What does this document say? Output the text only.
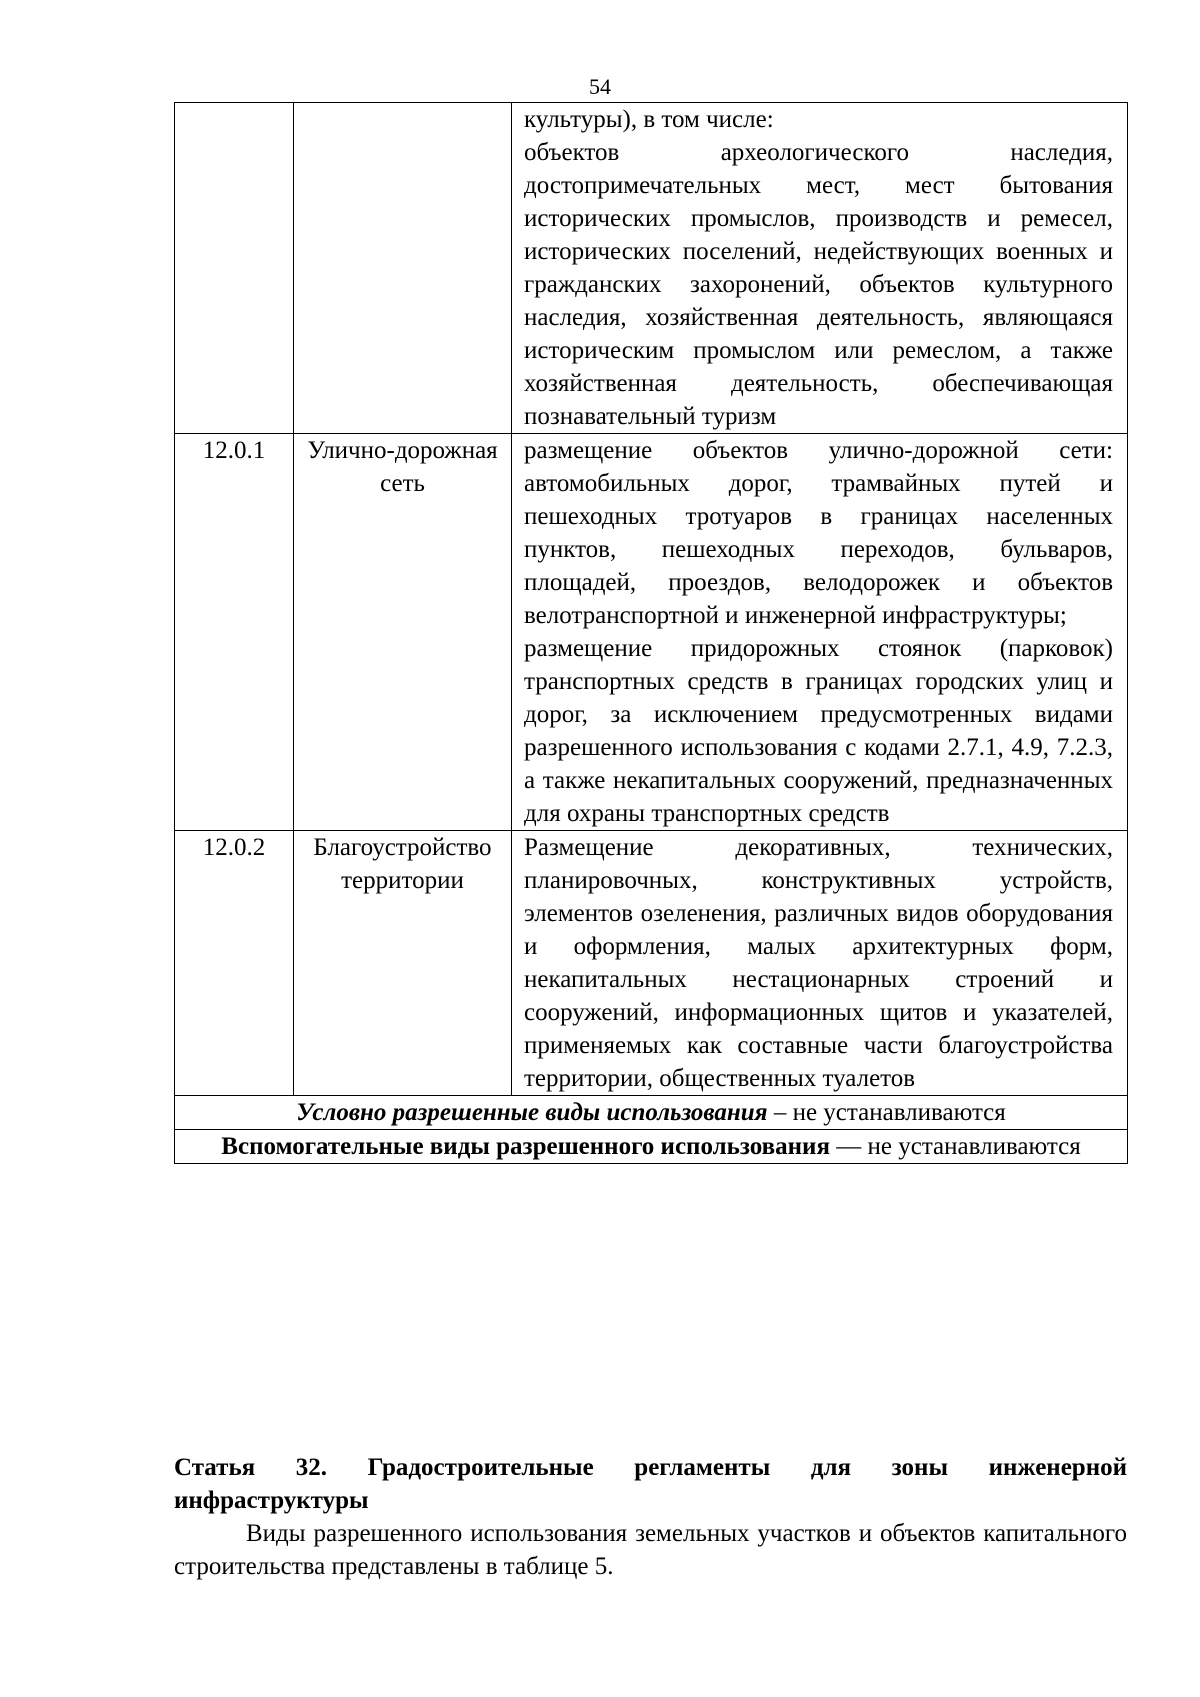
54

		культуры), в том числе:

объектов археологического наследия, достопримечательных мест, мест бытования исторических промыслов, производств и ремесел, исторических поселений, недействующих военных и гражданских захоронений, объектов культурного наследия, хозяйственная деятельность, являющаяся историческим промыслом или ремеслом, а также хозяйственная деятельность, обеспечивающая познавательный туризм

12.0.1	Улично-дорожная сеть	размещение объектов улично-дорожной сети: автомобильных дорог, трамвайных путей и пешеходных тротуаров в границах населенных пунктов, пешеходных переходов, бульваров, площадей, проездов, велодорожек и объектов велотранспортной и инженерной инфраструктуры;

размещение придорожных стоянок (парковок) транспортных средств в границах городских улиц и дорог, за исключением предусмотренных видами разрешенного использования с кодами 2.7.1, 4.9, 7.2.3, а также некапитальных сооружений, предназначенных для охраны транспортных средств

12.0.2	Благоустройство территории	Размещение декоративных, технических, планировочных, конструктивных устройств, элементов озеленения, различных видов оборудования и оформления, малых архитектурных форм, некапитальных нестационарных строений и сооружений, информационных щитов и указателей, применяемых как составные части благоустройства территории, общественных туалетов

Условно разрешенные виды использования – не устанавливаются		
Вспомогательные виды разрешенного использования — не устанавливаются		
Статья 32. Градостроительные регламенты для зоны инженерной
инфраструктуры

Виды разрешенного использования земельных участков и объектов капитального строительства представлены в таблице 5.
